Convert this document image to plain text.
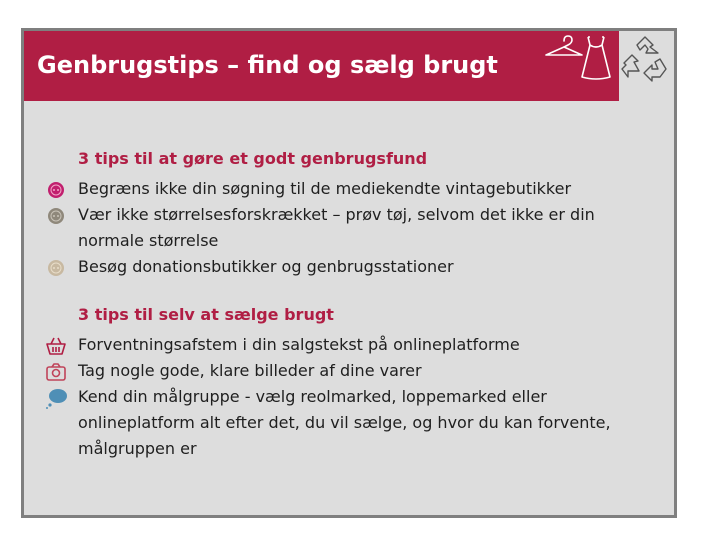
Genbrugstips – find og sælg brugt
3 tips til at gøre et godt genbrugsfund
Begræns ikke din søgning til de mediekendte vintagebutikker
Vær ikke størrelsesforskrækket – prøv tøj, selvom det ikke er din normale størrelse
Besøg donationsbutikker og genbrugsstationer
3 tips til selv at sælge brugt
Forventningsafstem i din salgstekst på onlineplatforme
Tag nogle gode, klare billeder af dine varer
Kend din målgruppe - vælg reolmarked, loppemarked eller onlineplatform alt efter det, du vil sælge, og hvor du kan forvente, målgruppen er
